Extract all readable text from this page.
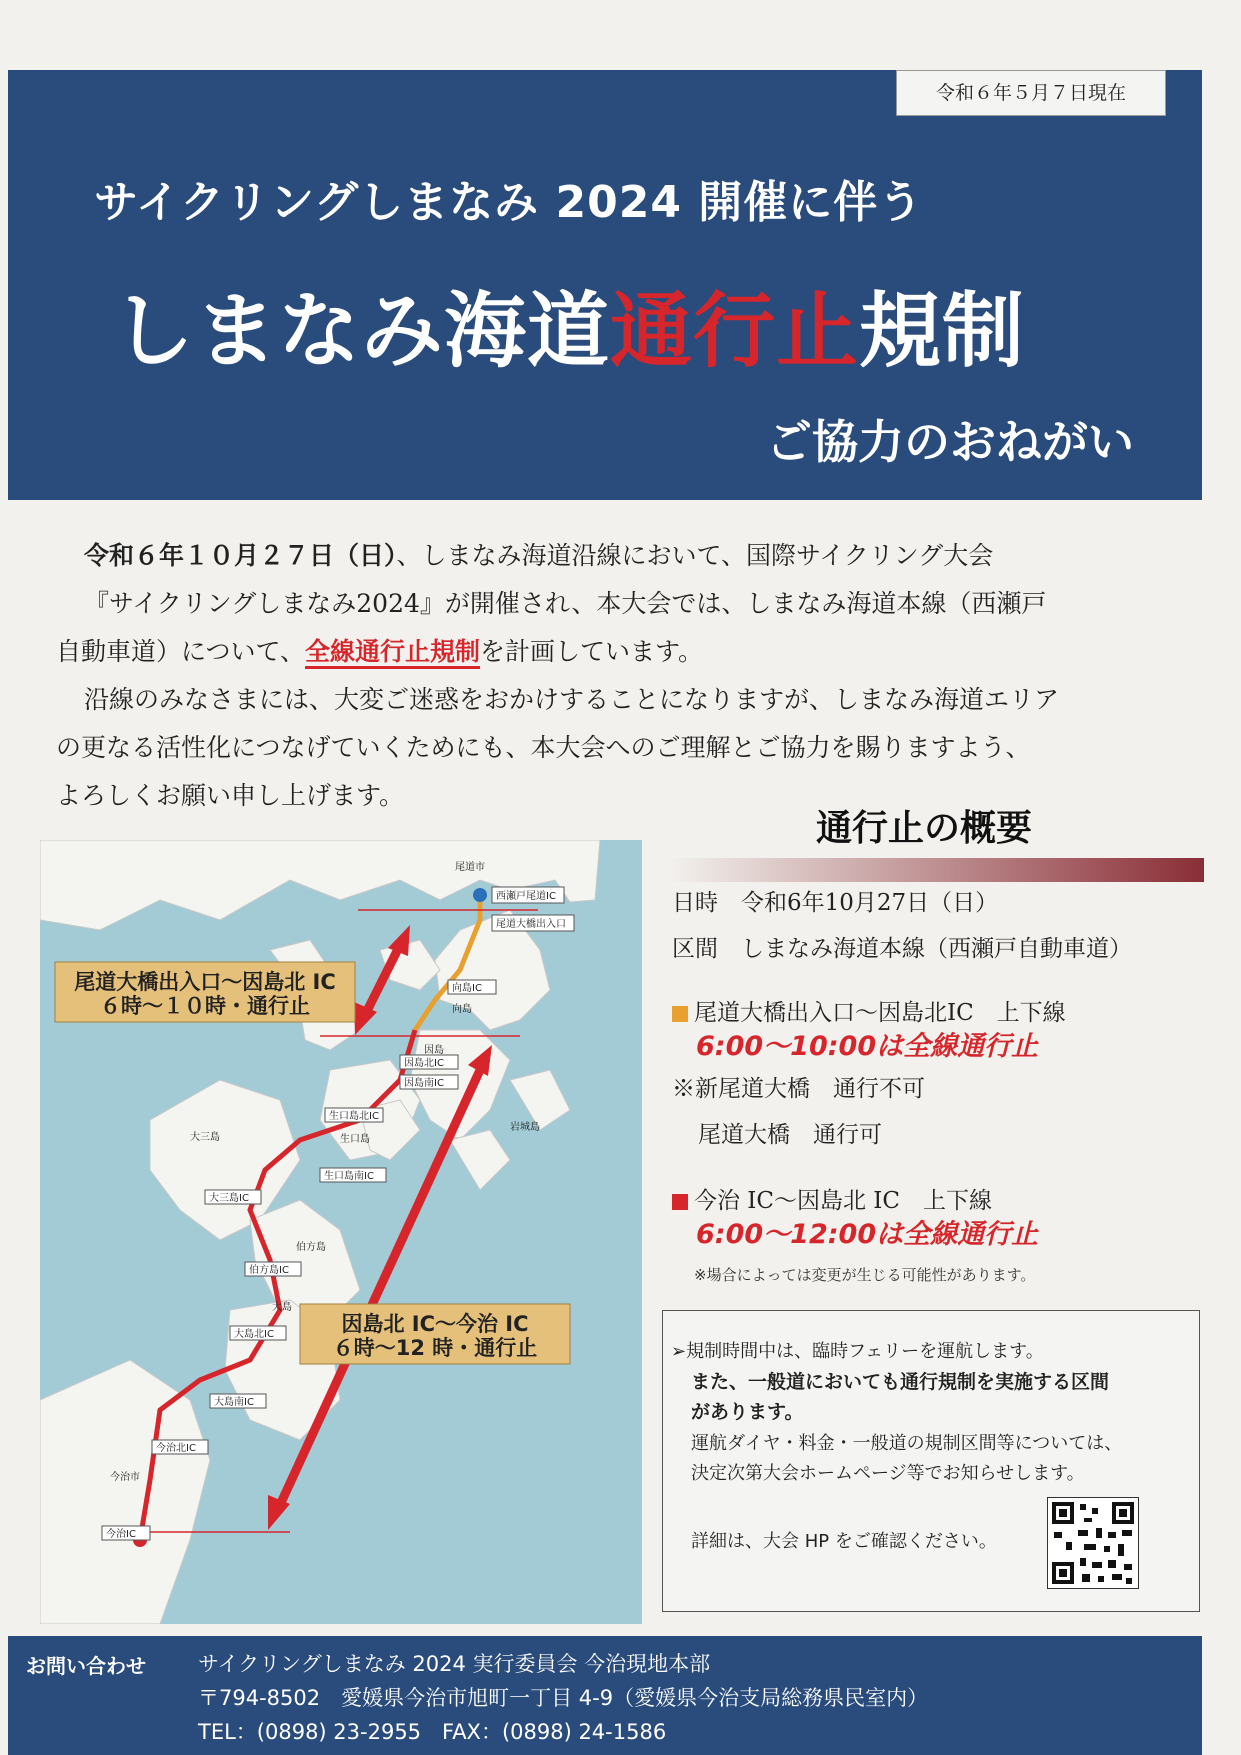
令和６年５月７日現在
サイクリングしまなみ 2024 開催に伴う
しまなみ海道通行止規制
ご協力のおねがい

令和６年１０月２７日（日）、しまなみ海道沿線において、国際サイクリング大会

『サイクリングしまなみ2024』が開催され、本大会では、しまなみ海道本線（西瀬戸

自動車道）について、全線通行止規制を計画しています。

沿線のみなさまには、大変ご迷惑をおかけすることになりますが、しまなみ海道エリア

の更なる活性化につなげていくためにも、本大会へのご理解とご協力を賜りますよう、

よろしくお願い申し上げます。

尾道市
西瀬戸尾道IC
尾道大橋出入口
向島IC
向島
因島北IC
因島
因島南IC
生口島北IC
生口島
生口島南IC
大三島
大三島IC
伯方島
伯方島IC
大島
大島北IC
大島南IC
今治北IC
今治市
今治IC
岩城島
尾道大橋出入口～因島北 IC
６時～１０時・通行止
因島北 IC～今治 IC
６時～12 時・通行止
通行止の概要
日時　令和6年10月27日（日）
区間　しまなみ海道本線（西瀬戸自動車道）
尾道大橋出入口～因島北IC　上下線
6:00～10:00は全線通行止
※新尾道大橋　通行不可
尾道大橋　通行可
今治 IC～因島北 IC　上下線
6:00～12:00は全線通行止
※場合によっては変更が生じる可能性があります。
➢規制時間中は、臨時フェリーを運航します。
また、一般道においても通行規制を実施する区間
があります。
運航ダイヤ・料金・一般道の規制区間等については、
決定次第大会ホームページ等でお知らせします。
詳細は、大会 HP をご確認ください。
お問い合わせ サイクリングしまなみ 2024 実行委員会 今治現地本部
〒794-8502　愛媛県今治市旭町一丁目 4-9（愛媛県今治支局総務県民室内）
TEL：(0898) 23-2955　FAX：(0898) 24-1586
